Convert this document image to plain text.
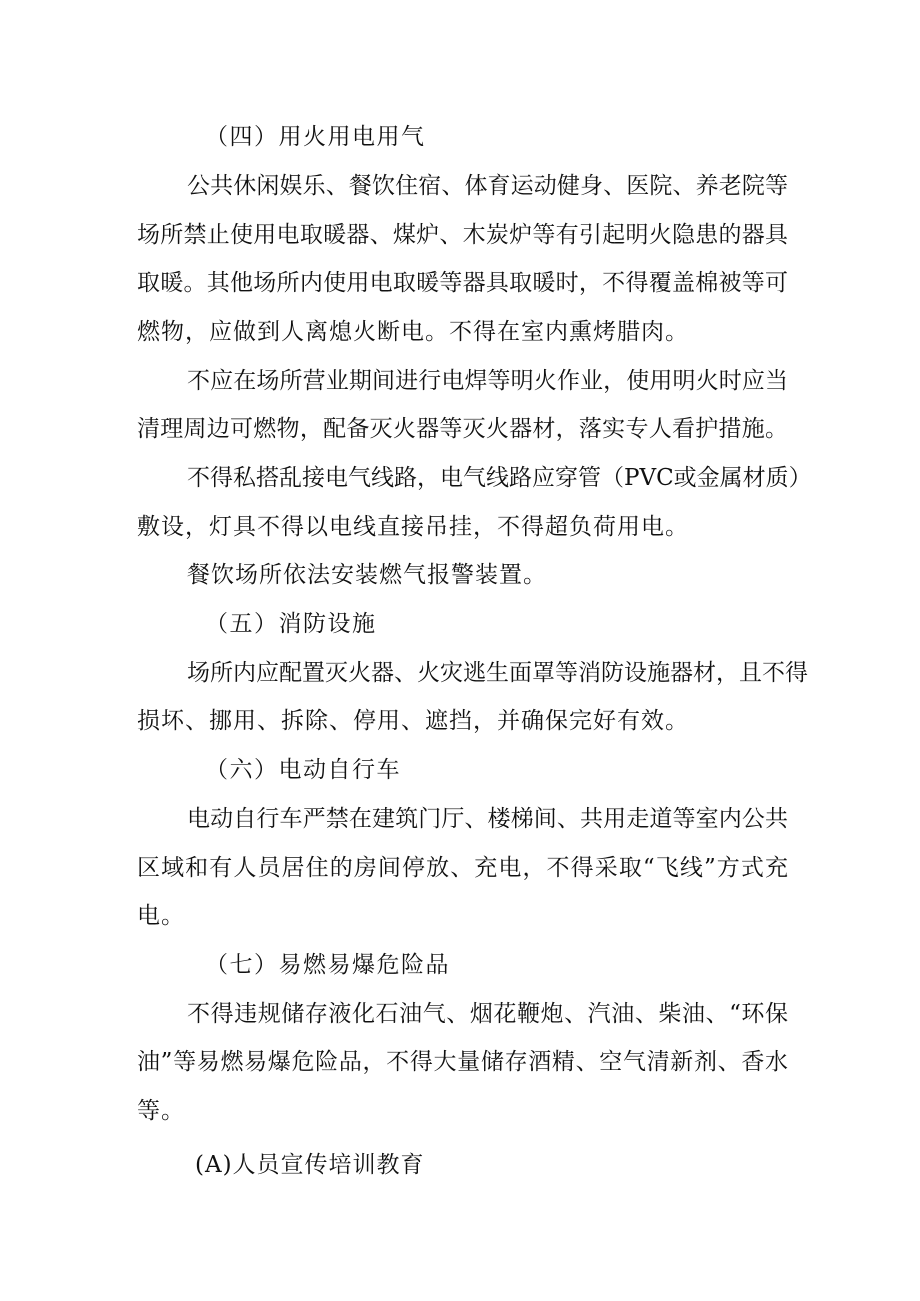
（四）用火用电用气
公共休闲娱乐、餐饮住宿、体育运动健身、医院、养老院等
场所禁止使用电取暖器、煤炉、木炭炉等有引起明火隐患的器具
取暖。其他场所内使用电取暖等器具取暖时，不得覆盖棉被等可
燃物，应做到人离熄火断电。不得在室内熏烤腊肉。
不应在场所营业期间进行电焊等明火作业，使用明火时应当
清理周边可燃物，配备灭火器等灭火器材，落实专人看护措施。
不得私搭乱接电气线路，电气线路应穿管（PVC或金属材质）
敷设，灯具不得以电线直接吊挂，不得超负荷用电。
餐饮场所依法安装燃气报警装置。
（五）消防设施
场所内应配置灭火器、火灾逃生面罩等消防设施器材，且不得
损坏、挪用、拆除、停用、遮挡，并确保完好有效。
（六）电动自行车
电动自行车严禁在建筑门厅、楼梯间、共用走道等室内公共
区域和有人员居住的房间停放、充电，不得采取“飞线”方式充
电。
（七）易燃易爆危险品
不得违规储存液化石油气、烟花鞭炮、汽油、柴油、“环保
油”等易燃易爆危险品，不得大量储存酒精、空气清新剂、香水
等。
(A)人员宣传培训教育
